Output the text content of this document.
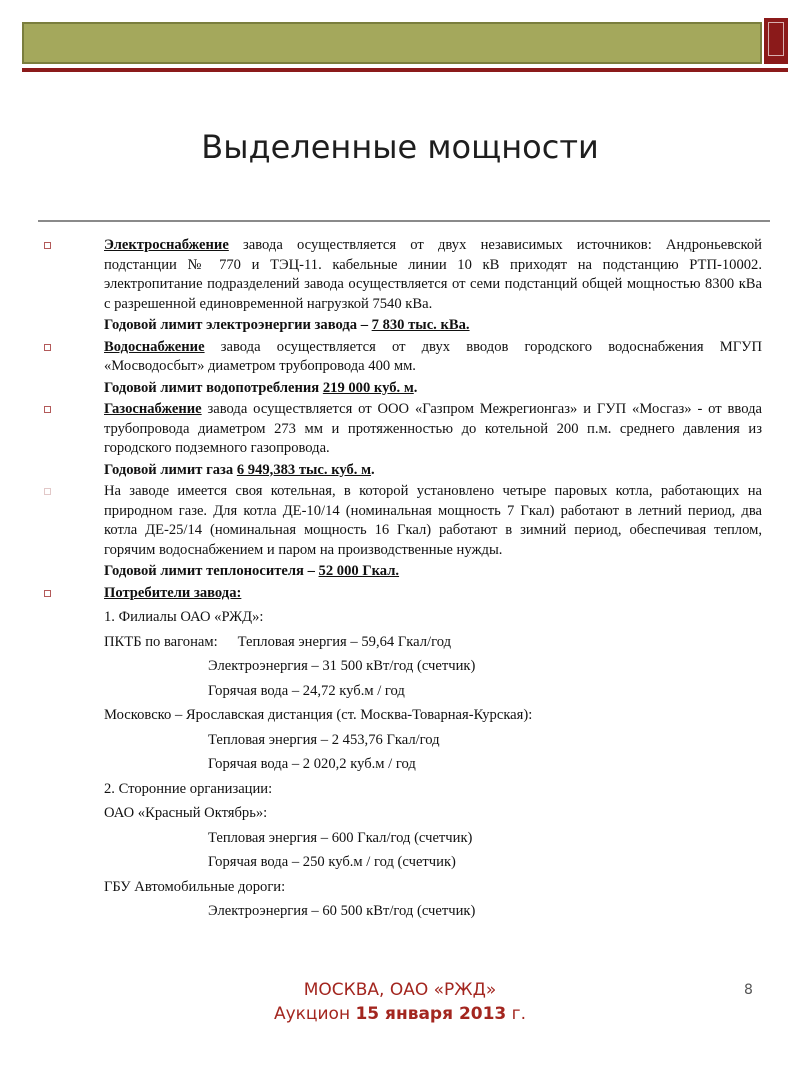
Выделенные мощности
Электроснабжение завода осуществляется от двух независимых источников: Андроньевской подстанции № 770 и ТЭЦ-11. кабельные линии 10 кВ приходят на подстанцию РТП-10002. электропитание подразделений завода осуществляется от семи подстанций общей мощностью 8300 кВа с разрешенной единовременной нагрузкой 7540 кВа.
Годовой лимит электроэнергии завода – 7 830 тыс. кВа.
Водоснабжение завода осуществляется от двух вводов городского водоснабжения МГУП «Мосводосбыт» диаметром трубопровода 400 мм.
Годовой лимит водопотребления 219 000 куб. м.
Газоснабжение завода осуществляется от ООО «Газпром Межрегионгаз» и ГУП «Мосгаз» - от ввода трубопровода диаметром 273 мм и протяженностью до котельной 200 п.м. среднего давления из городского подземного газопровода.
Годовой лимит газа 6 949,383 тыс. куб. м.
На заводе имеется своя котельная, в которой установлено четыре паровых котла, работающих на природном газе. Для котла ДЕ-10/14 (номинальная мощность 7 Гкал) работают в летний период, два котла ДЕ-25/14 (номинальная мощность 16 Гкал) работают в зимний период, обеспечивая теплом, горячим водоснабжением и паром на производственные нужды.
Годовой лимит теплоносителя – 52 000 Гкал.
Потребители завода:
1. Филиалы ОАО «РЖД»:
ПКТБ по вагонам: Тепловая энергия – 59,64 Гкал/год
Электроэнергия – 31 500 кВт/год (счетчик)
Горячая вода – 24,72 куб.м / год
Московско – Ярославская дистанция (ст. Москва-Товарная-Курская):
Тепловая энергия – 2 453,76 Гкал/год
Горячая вода – 2 020,2 куб.м / год
2. Сторонние организации:
ОАО «Красный Октябрь»:
Тепловая энергия – 600 Гкал/год (счетчик)
Горячая вода – 250 куб.м / год (счетчик)
ГБУ Автомобильные дороги:
Электроэнергия – 60 500 кВт/год (счетчик)
МОСКВА, ОАО «РЖД»
Аукцион 15 января 2013 г.
8
